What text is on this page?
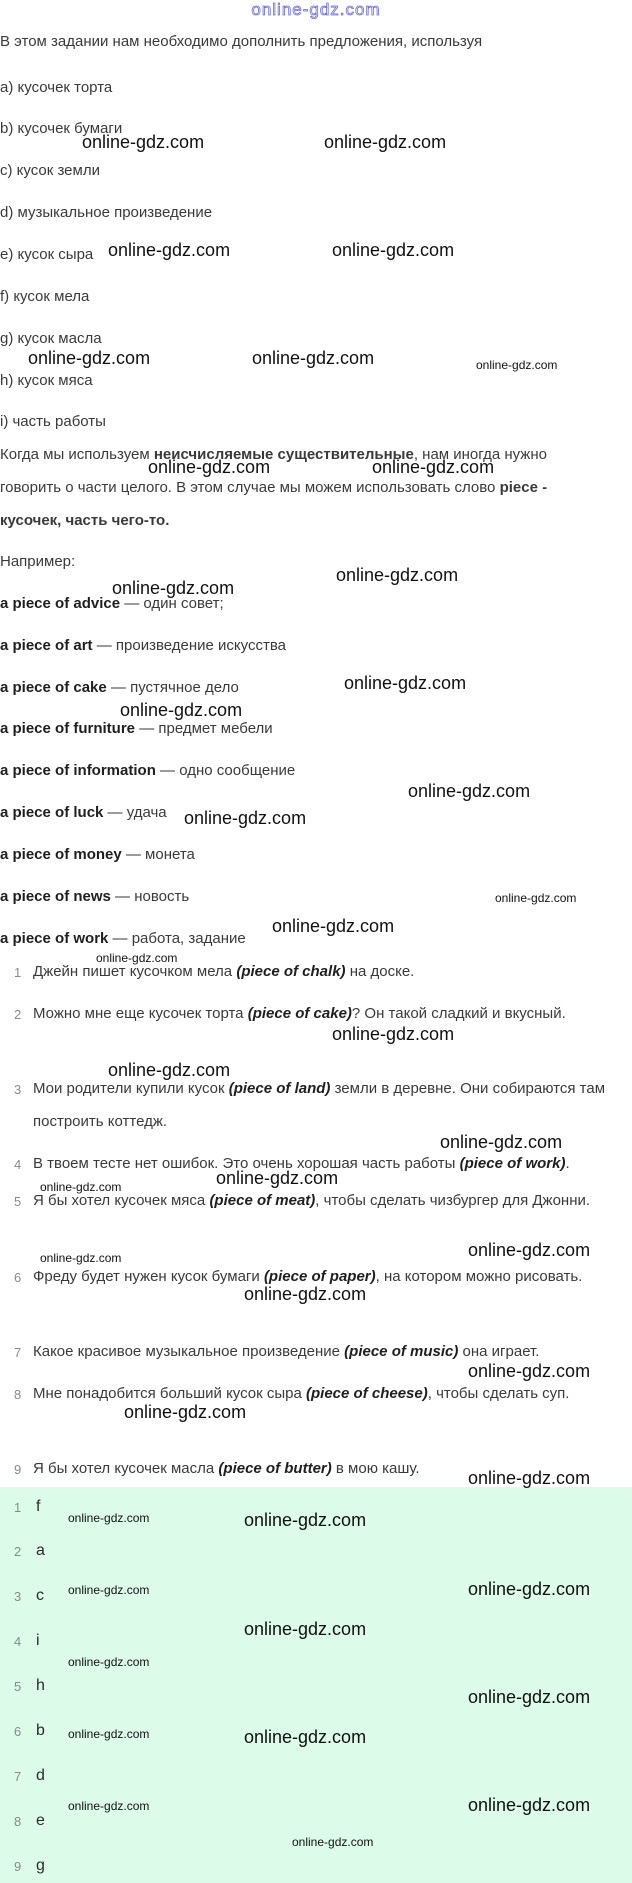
online-gdz.com
В этом задании нам необходимо дополнить предложения, используя
a) кусочек торта
b) кусочек бумаги
c) кусок земли
d) музыкальное произведение
e) кусок сыра
f) кусок мела
g) кусок масла
h) кусок мяса
i) часть работы
Когда мы используем неисчисляемые существительные, нам иногда нужно говорить о части целого. В этом случае мы можем использовать слово piece - кусочек, часть чего-то.
Например:
a piece of advice — один совет;
a piece of art — произведение искусства
a piece of cake — пустячное дело
a piece of furniture — предмет мебели
a piece of information — одно сообщение
a piece of luck — удача
a piece of money — монета
a piece of news — новость
a piece of work — работа, задание
1 Джейн пишет кусочком мела (piece of chalk) на доске.
2 Можно мне еще кусочек торта (piece of cake)? Он такой сладкий и вкусный.
3 Мои родители купили кусок (piece of land) земли в деревне. Они собираются там построить коттедж.
4 В твоем тесте нет ошибок. Это очень хорошая часть работы (piece of work).
5 Я бы хотел кусочек мяса (piece of meat), чтобы сделать чизбургер для Джонни.
6 Фреду будет нужен кусок бумаги (piece of paper), на котором можно рисовать.
7 Какое красивое музыкальное произведение (piece of music) она играет.
8 Мне понадобится больший кусок сыра (piece of cheese), чтобы сделать суп.
9 Я бы хотел кусочек масла (piece of butter) в мою кашу.
1 f
2 a
3 c
4 i
5 h
6 b
7 d
8 e
9 g
online-gdz.com	online-gdz.com
online-gdz.com	online-gdz.com
online-gdz.com	online-gdz.com	online-gdz.com
online-gdz.com	online-gdz.com
online-gdz.com
online-gdz.com
online-gdz.com
online-gdz.com
online-gdz.com
online-gdz.com
online-gdz.com
online-gdz.com
online-gdz.com
online-gdz.com
online-gdz.com
online-gdz.com
online-gdz.com
online-gdz.com
online-gdz.com	online-gdz.com
online-gdz.com
online-gdz.com
online-gdz.com
online-gdz.com
online-gdz.com	online-gdz.com
online-gdz.com	online-gdz.com
online-gdz.com
online-gdz.com
online-gdz.com
online-gdz.com	online-gdz.com
online-gdz.com	online-gdz.com
online-gdz.com
